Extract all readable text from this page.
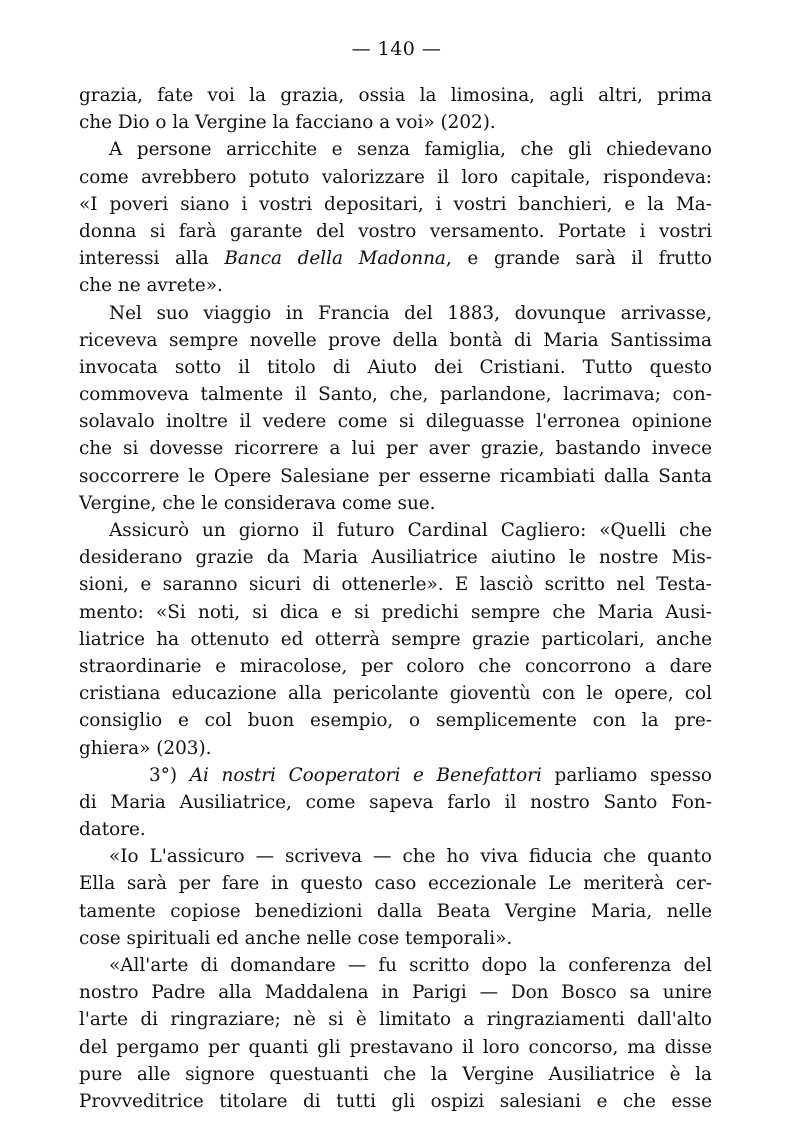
— 140 —
grazia, fate voi la grazia, ossia la limosina, agli altri, prima
che Dio o la Vergine la facciano a voi» (202).
A persone arricchite e senza famiglia, che gli chiedevano
come avrebbero potuto valorizzare il loro capitale, rispondeva:
«I poveri siano i vostri depositari, i vostri banchieri, e la Ma-
donna si farà garante del vostro versamento. Portate i vostri
interessi alla Banca della Madonna, e grande sarà il frutto
che ne avrete».
Nel suo viaggio in Francia del 1883, dovunque arrivasse,
riceveva sempre novelle prove della bontà di Maria Santissima
invocata sotto il titolo di Aiuto dei Cristiani. Tutto questo
commoveva talmente il Santo, che, parlandone, lacrimava; con-
solavalo inoltre il vedere come si dileguasse l'erronea opinione
che si dovesse ricorrere a lui per aver grazie, bastando invece
soccorrere le Opere Salesiane per esserne ricambiati dalla Santa
Vergine, che le considerava come sue.
Assicurò un giorno il futuro Cardinal Cagliero: «Quelli che
desiderano grazie da Maria Ausiliatrice aiutino le nostre Mis-
sioni, e saranno sicuri di ottenerle». E lasciò scritto nel Testa-
mento: «Si noti, si dica e si predichi sempre che Maria Ausi-
liatrice ha ottenuto ed otterrà sempre grazie particolari, anche
straordinarie e miracolose, per coloro che concorrono a dare
cristiana educazione alla pericolante gioventù con le opere, col
consiglio e col buon esempio, o semplicemente con la pre-
ghiera» (203).
3°) Ai nostri Cooperatori e Benefattori parliamo spesso
di Maria Ausiliatrice, come sapeva farlo il nostro Santo Fon-
datore.
«Io L'assicuro — scriveva — che ho viva fiducia che quanto
Ella sarà per fare in questo caso eccezionale Le meriterà cer-
tamente copiose benedizioni dalla Beata Vergine Maria, nelle
cose spirituali ed anche nelle cose temporali».
«All'arte di domandare — fu scritto dopo la conferenza del
nostro Padre alla Maddalena in Parigi — Don Bosco sa unire
l'arte di ringraziare; nè si è limitato a ringraziamenti dall'alto
del pergamo per quanti gli prestavano il loro concorso, ma disse
pure alle signore questuanti che la Vergine Ausiliatrice è la
Provveditrice titolare di tutti gli ospizi salesiani e che esse
